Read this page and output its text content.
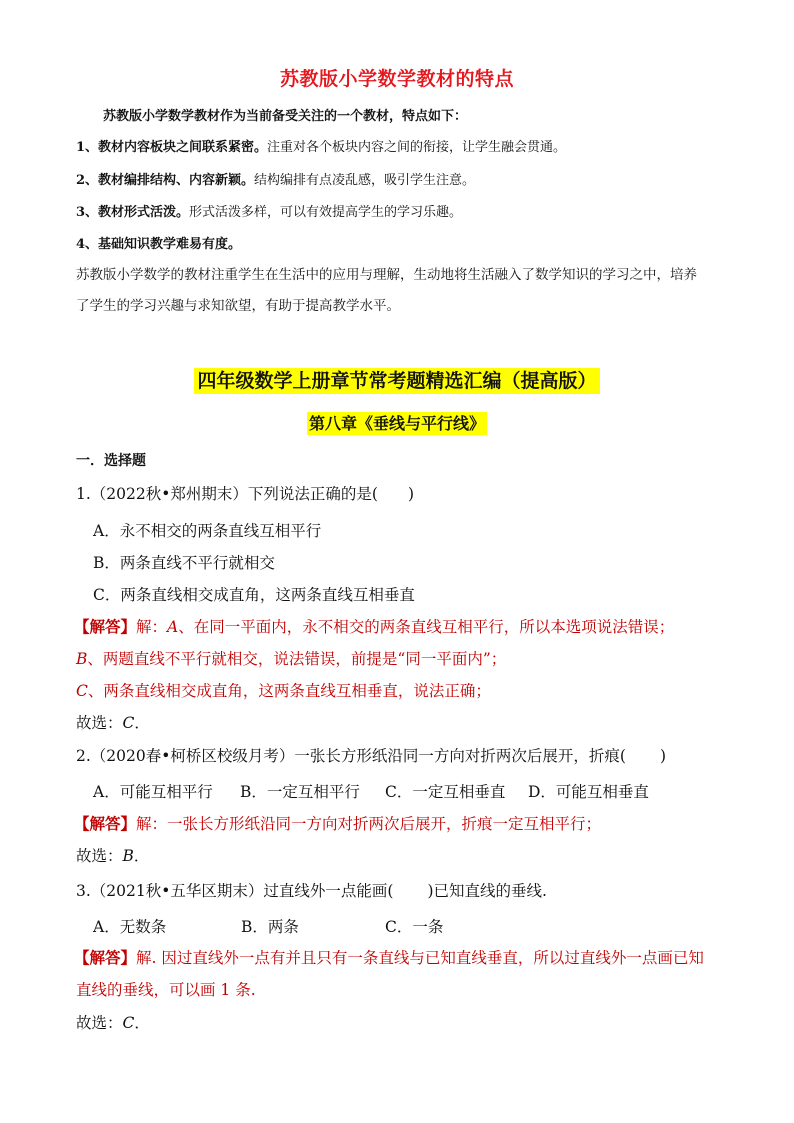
苏教版小学数学教材的特点
苏教版小学数学教材作为当前备受关注的一个教材，特点如下：
1、教材内容板块之间联系紧密。注重对各个板块内容之间的衔接，让学生融会贯通。
2、教材编排结构、内容新颖。结构编排有点凌乱感，吸引学生注意。
3、教材形式活泼。形式活泼多样，可以有效提高学生的学习乐趣。
4、基础知识教学难易有度。
苏教版小学数学的教材注重学生在生活中的应用与理解，生动地将生活融入了数学知识的学习之中，培养
了学生的学习兴趣与求知欲望，有助于提高教学水平。
四年级数学上册章节常考题精选汇编（提高版）
第八章《垂线与平行线》
一．选择题
1.（2022秋•郑州期末）下列说法正确的是( )
A．永不相交的两条直线互相平行
B．两条直线不平行就相交
C．两条直线相交成直角，这两条直线互相垂直
【解答】解：A、在同一平面内，永不相交的两条直线互相平行，所以本选项说法错误；
B、两题直线不平行就相交，说法错误，前提是“同一平面内”；
C、两条直线相交成直角，这两条直线互相垂直，说法正确；
故选：C．
2.（2020春•柯桥区校级月考）一张长方形纸沿同一方向对折两次后展开，折痕( )
A．可能互相平行 B．一定互相平行 C．一定互相垂直 D．可能互相垂直
【解答】解：一张长方形纸沿同一方向对折两次后展开，折痕一定互相平行；
故选：B．
3.（2021秋•五华区期末）过直线外一点能画( )已知直线的垂线.
A．无数条	B．两条	C．一条
【解答】解. 因过直线外一点有并且只有一条直线与已知直线垂直，所以过直线外一点画已知
直线的垂线，可以画 1 条.
故选：C．
